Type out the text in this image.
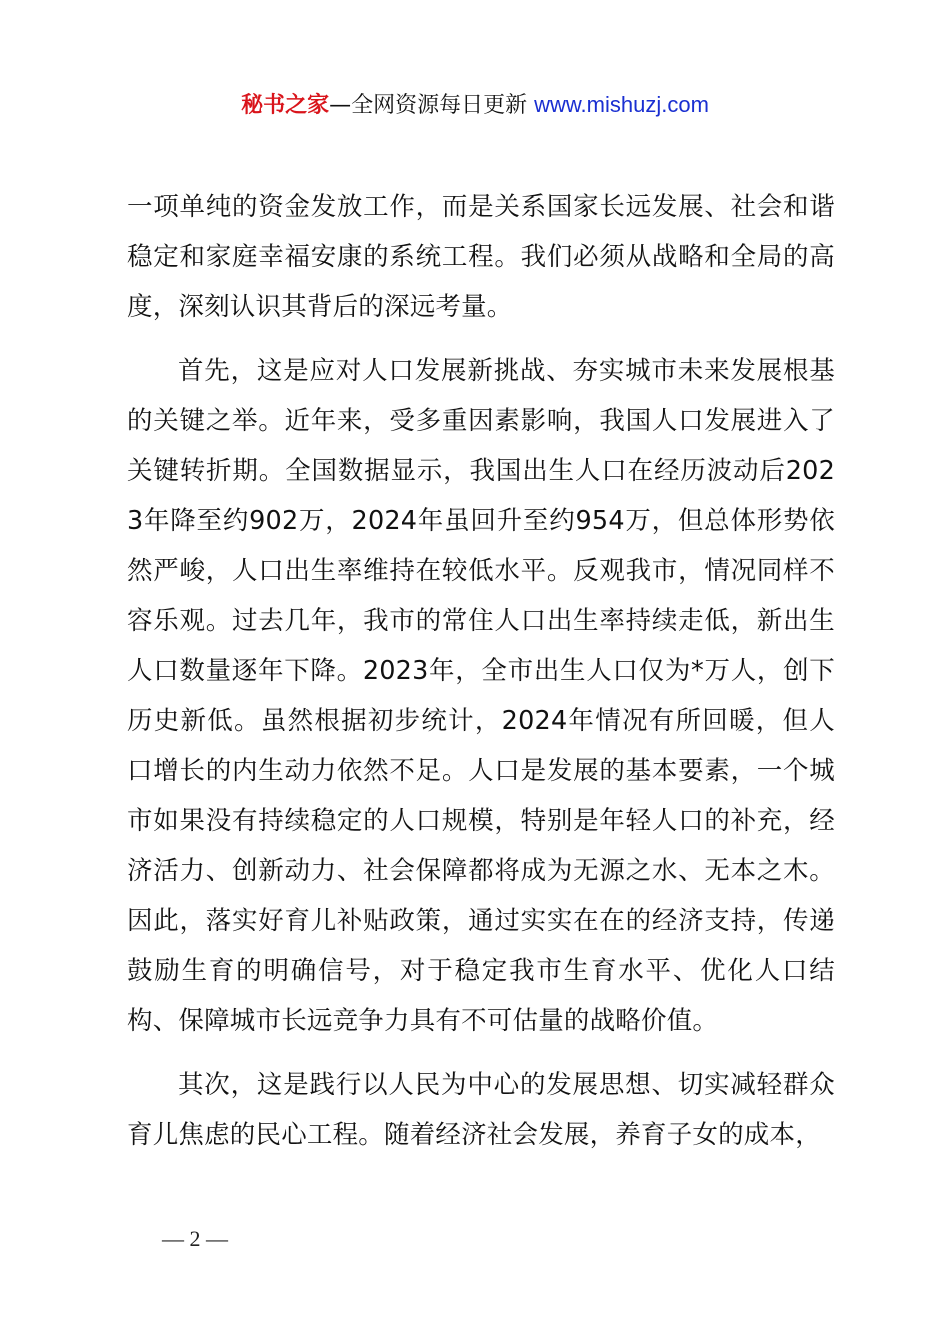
秘书之家—全网资源每日更新 www.mishuzj.com

一项单纯的资金发放工作，而是关系国家长远发展、社会和谐稳定和家庭幸福安康的系统工程。我们必须从战略和全局的高度，深刻认识其背后的深远考量。

首先，这是应对人口发展新挑战、夯实城市未来发展根基的关键之举。近年来，受多重因素影响，我国人口发展进入了关键转折期。全国数据显示，我国出生人口在经历波动后2023年降至约902万，2024年虽回升至约954万，但总体形势依然严峻，人口出生率维持在较低水平。反观我市，情况同样不容乐观。过去几年，我市的常住人口出生率持续走低，新出生人口数量逐年下降。2023年，全市出生人口仅为*万人，创下历史新低。虽然根据初步统计，2024年情况有所回暖，但人口增长的内生动力依然不足。人口是发展的基本要素，一个城市如果没有持续稳定的人口规模，特别是年轻人口的补充，经济活力、创新动力、社会保障都将成为无源之水、无本之木。因此，落实好育儿补贴政策，通过实实在在的经济支持，传递鼓励生育的明确信号，对于稳定我市生育水平、优化人口结构、保障城市长远竞争力具有不可估量的战略价值。

其次，这是践行以人民为中心的发展思想、切实减轻群众育儿焦虑的民心工程。随着经济社会发展，养育子女的成本，

— 2 —
